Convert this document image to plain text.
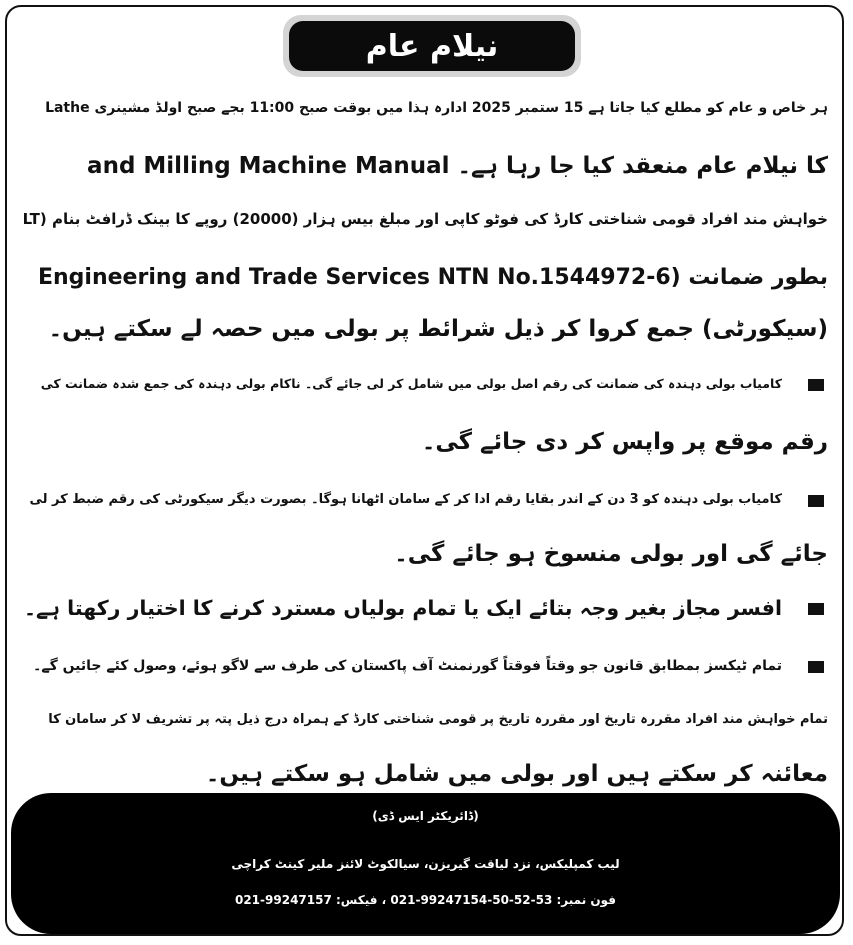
نیلام عام
ہر خاص و عام کو مطلع کیا جاتا ہے 15 ستمبر 2025 ادارہ ہذا میں بوقت صبح 11:00 بجے صبح اولڈ مشینری Lathe
and Milling Machine Manual کا نیلام عام منعقد کیا جا رہا ہے۔
خواہش مند افراد قومی شناختی کارڈ کی فوٹو کاپی اور مبلغ بیس ہزار (20000) روپے کا بینک ڈرافٹ بنام (LT
Engineering and Trade Services NTN No.1544972-6) بطور ضمانت
(سیکورٹی) جمع کروا کر ذیل شرائط پر بولی میں حصہ لے سکتے ہیں۔
کامیاب بولی دہندہ کی ضمانت کی رقم اصل بولی میں شامل کر لی جائے گی۔ ناکام بولی دہندہ کی جمع شدہ ضمانت کی
رقم موقع پر واپس کر دی جائے گی۔
کامیاب بولی دہندہ کو 3 دن کے اندر بقایا رقم ادا کر کے سامان اٹھانا ہوگا۔ بصورت دیگر سیکورٹی کی رقم ضبط کر لی
جائے گی اور بولی منسوخ ہو جائے گی۔
افسر مجاز بغیر وجہ بتائے ایک یا تمام بولیاں مسترد کرنے کا اختیار رکھتا ہے۔
تمام ٹیکسز بمطابق قانون جو وقتاً فوقتاً گورنمنٹ آف پاکستان کی طرف سے لاگو ہوئے، وصول کئے جائیں گے۔
تمام خواہش مند افراد مقررہ تاریخ اور مقررہ تاریخ پر قومی شناختی کارڈ کے ہمراہ درج ذیل پتہ پر تشریف لا کر سامان کا
معائنہ کر سکتے ہیں اور بولی میں شامل ہو سکتے ہیں۔
(ڈائریکٹر ایس ڈی)
لیب کمپلیکس، نزد لیاقت گیریزن، سیالکوٹ لائنز ملیر کینٹ کراچی
فون نمبر: 021-99247154-50-52-53 ، فیکس: 021-99247157
